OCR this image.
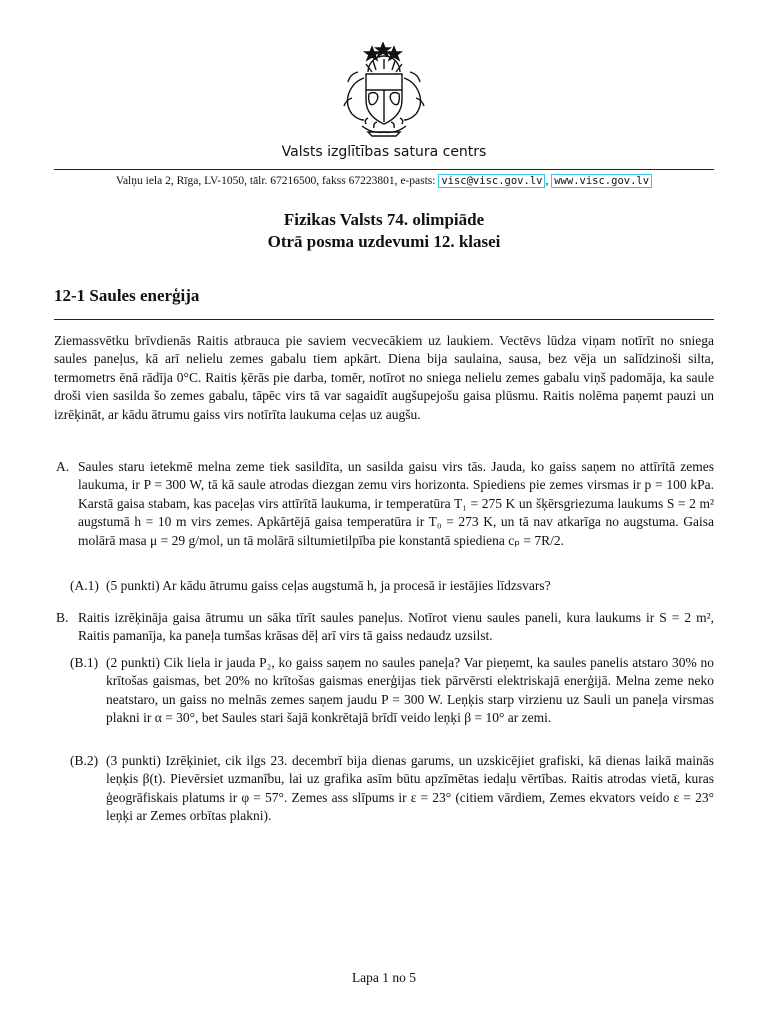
Valsts izglītības satura centrs
Valņu iela 2, Rīga, LV-1050, tālr. 67216500, fakss 67223801, e-pasts: visc@visc.gov.lv , www.visc.gov.lv
Fizikas Valsts 74. olimpiāde
Otrā posma uzdevumi 12. klasei
12-1 Saules enerģija
Ziemassvētku brīvdienās Raitis atbrauca pie saviem vecvecākiem uz laukiem. Vectēvs lūdza viņam notīrīt no sniega saules paneļus, kā arī nelielu zemes gabalu tiem apkārt. Diena bija saulaina, sausa, bez vēja un salīdzinoši silta, termometrs ēnā rādīja 0°C. Raitis ķērās pie darba, tomēr, notīrot no sniega nelielu zemes gabalu viņš padomāja, ka saule droši vien sasilda šo zemes gabalu, tāpēc virs tā var sagaidīt augšupejošu gaisa plūsmu. Raitis nolēma paņemt pauzi un izrēķināt, ar kādu ātrumu gaiss virs notīrīta laukuma ceļas uz augšu.
A. Saules staru ietekmē melna zeme tiek sasildīta, un sasilda gaisu virs tās. Jauda, ko gaiss saņem no attīrītā zemes laukuma, ir P = 300 W, tā kā saule atrodas diezgan zemu virs horizonta. Spiediens pie zemes virsmas ir p = 100 kPa. Karstā gaisa stabam, kas paceļas virs attīrītā laukuma, ir temperatūra T₁ = 275 K un šķērsgriezuma laukums S = 2 m² augstumā h = 10 m virs zemes. Apkārtējā gaisa temperatūra ir T₀ = 273 K, un tā nav atkarīga no augstuma. Gaisa molārā masa μ = 29 g/mol, un tā molārā siltumietilpība pie konstantā spiediena cₚ = 7R/2.
(A.1) (5 punkti) Ar kādu ātrumu gaiss ceļas augstumā h, ja procesā ir iestājies līdzsvars?
B. Raitis izrēķināja gaisa ātrumu un sāka tīrīt saules paneļus. Notīrot vienu saules paneli, kura laukums ir S = 2 m², Raitis pamanīja, ka paneļa tumšas krāsas dēļ arī virs tā gaiss nedaudz uzsilst.
(B.1) (2 punkti) Cik liela ir jauda P₂, ko gaiss saņem no saules paneļa? Var pieņemt, ka saules panelis atstaro 30% no krītošas gaismas, bet 20% no krītošas gaismas enerģijas tiek pārvērsti elektriskajā enerģijā. Melna zeme neko neatstaro, un gaiss no melnās zemes saņem jaudu P = 300 W. Leņķis starp virzienu uz Sauli un paneļa virsmas plakni ir α = 30°, bet Saules stari šajā konkrētajā brīdī veido leņķi β = 10° ar zemi.
(B.2) (3 punkti) Izrēķiniet, cik ilgs 23. decembrī bija dienas garums, un uzskicējiet grafiski, kā dienas laikā mainās leņķis β(t). Pievērsiet uzmanību, lai uz grafika asīm būtu apzīmētas iedaļu vērtības. Raitis atrodas vietā, kuras ģeogrāfiskais platums ir φ = 57°. Zemes ass slīpums ir ε = 23° (citiem vārdiem, Zemes ekvators veido ε = 23° leņķi ar Zemes orbītas plakni).
Lapa 1 no 5
